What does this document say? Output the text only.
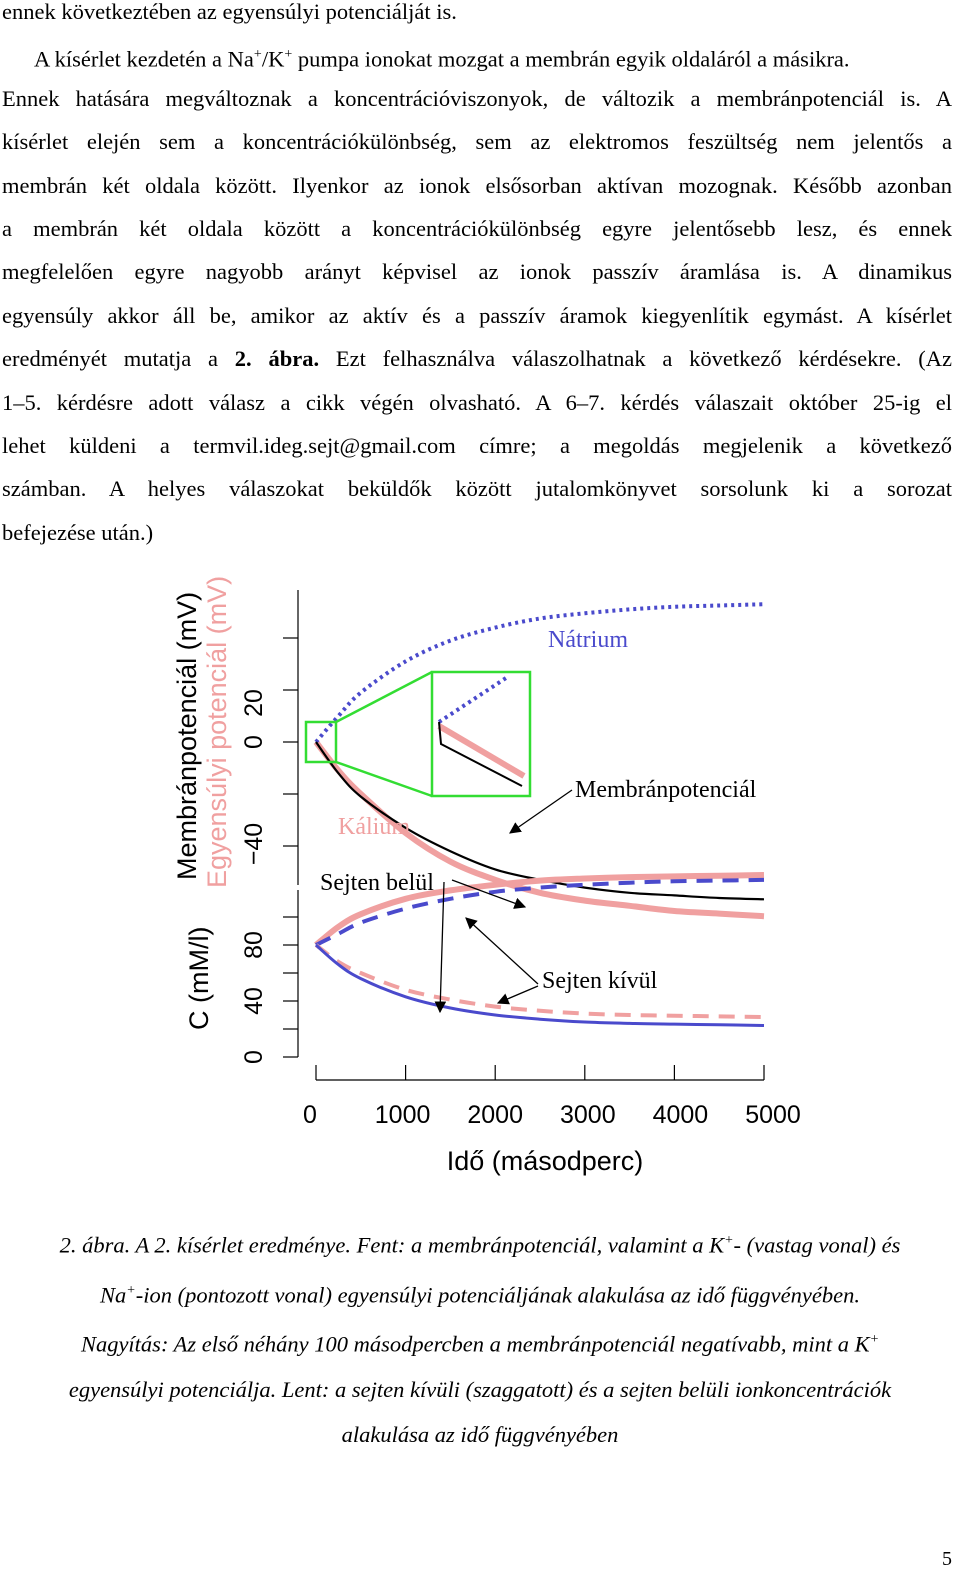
ennek következtében az egyensúlyi potenciálját is.
A kísérlet kezdetén a Na+/K+ pumpa ionokat mozgat a membrán egyik oldaláról a másikra.
Ennek hatására megváltoznak a koncentrációviszonyok, de változik a membránpotenciál is. A
kísérlet elején sem a koncentrációkülönbség, sem az elektromos feszültség nem jelentős a
membrán két oldala között. Ilyenkor az ionok elsősorban aktívan mozognak. Később azonban
a membrán két oldala között a koncentrációkülönbség egyre jelentősebb lesz, és ennek
megfelelően egyre nagyobb arányt képvisel az ionok passzív áramlása is. A dinamikus
egyensúly akkor áll be, amikor az aktív és a passzív áramok kiegyenlítik egymást. A kísérlet
eredményét mutatja a 2. ábra. Ezt felhasználva válaszolhatnak a következő kérdésekre. (Az
1–5. kérdésre adott válasz a cikk végén olvasható. A 6–7. kérdés válaszait október 25-ig el
lehet küldeni a termvil.ideg.sejt@gmail.com címre; a megoldás megjelenik a következő
számban. A helyes válaszokat beküldők között jutalomkönyvet sorsolunk ki a sorozat
befejezése után.)
Membránpotenciál (mV) Egyensúlyi potenciál (mV)
C (mM/l)
20
0
−40
80
40
0
0 1000 2000 3000 4000 5000
Idő (másodperc)
Nátrium
Kálium
Membránpotenciál
Sejten belül
Sejten kívül
2. ábra. A 2. kísérlet eredménye. Fent: a membránpotenciál, valamint a K+- (vastag vonal) és
Na+-ion (pontozott vonal) egyensúlyi potenciáljának alakulása az idő függvényében.
Nagyítás: Az első néhány 100 másodpercben a membránpotenciál negatívabb, mint a K+
egyensúlyi potenciálja. Lent: a sejten kívüli (szaggatott) és a sejten belüli ionkoncentrációk
alakulása az idő függvényében
5
